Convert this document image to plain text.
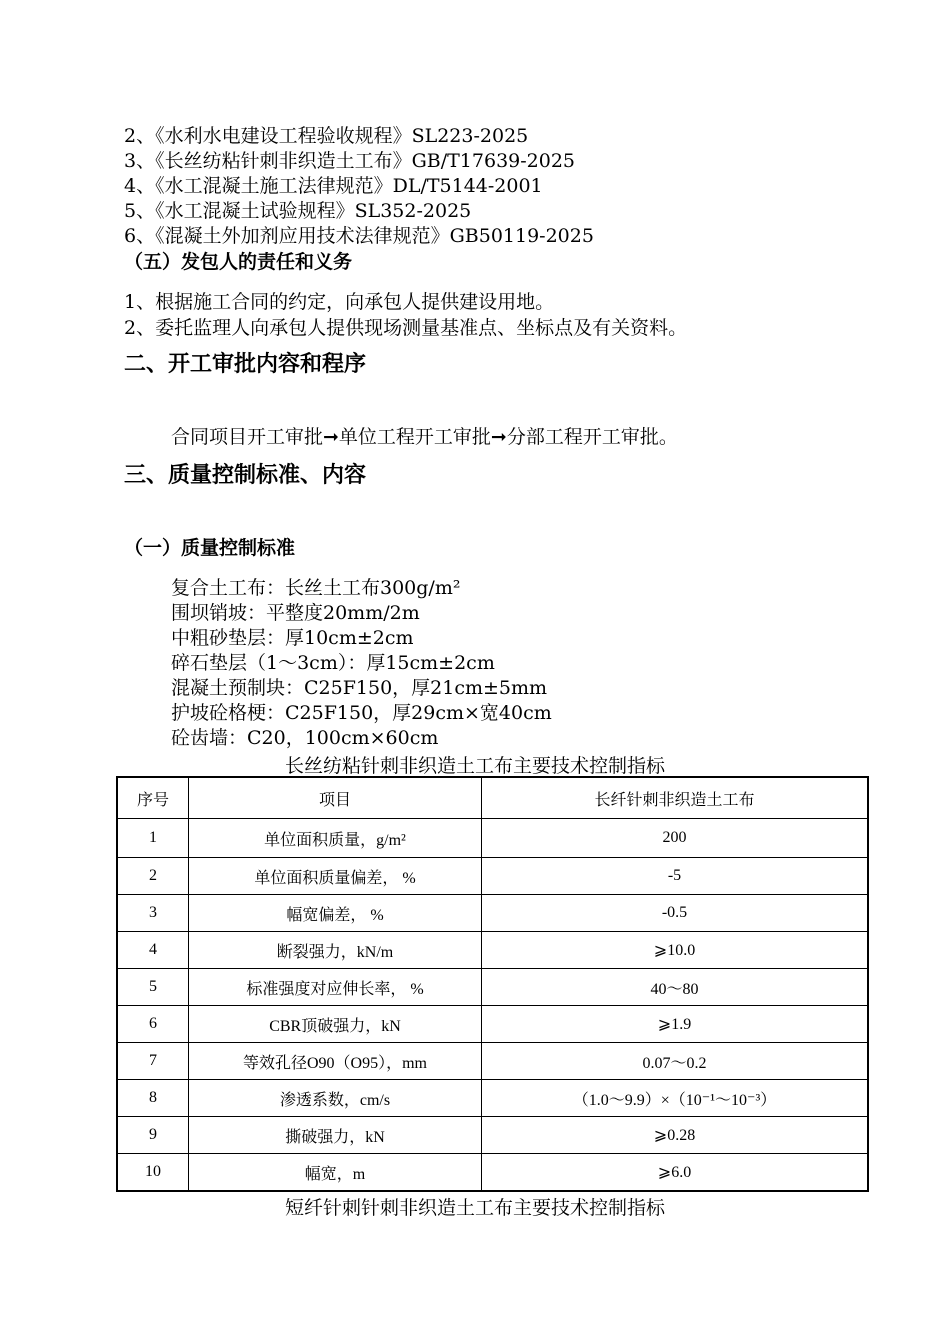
2、《水利水电建设工程验收规程》SL223-2025
3、《长丝纺粘针刺非织造土工布》GB/T17639-2025
4、《水工混凝土施工法律规范》DL/T5144-2001
5、《水工混凝土试验规程》SL352-2025
6、《混凝土外加剂应用技术法律规范》GB50119-2025
（五）发包人的责任和义务
1、根据施工合同的约定，向承包人提供建设用地。
2、委托监理人向承包人提供现场测量基准点、坐标点及有关资料。
二、开工审批内容和程序
合同项目开工审批➞单位工程开工审批➞分部工程开工审批。
三、质量控制标准、内容
（一）质量控制标准
复合土工布：长丝土工布300g/m²
围坝销坡：平整度20mm/2m
中粗砂垫层：厚10cm±2cm
碎石垫层（1～3cm）：厚15cm±2cm
混凝土预制块：C25F150，厚21cm±5mm
护坡砼格梗：C25F150，厚29cm×宽40cm
砼齿墙：C20，100cm×60cm
长丝纺粘针刺非织造土工布主要技术控制指标
序号	项目	长纤针刺非织造土工布
1	单位面积质量，g/m²	200
2	单位面积质量偏差， %	-5
3	幅宽偏差， %	-0.5
4	断裂强力，kN/m	⩾10.0
5	标准强度对应伸长率， %	40～80
6	CBR顶破强力，kN	⩾1.9
7	等效孔径O90（O95），mm	0.07～0.2
8	渗透系数，cm/s	（1.0～9.9）×（10⁻¹～10⁻³）
9	撕破强力，kN	⩾0.28
10	幅宽，m	⩾6.0
短纤针刺针刺非织造土工布主要技术控制指标
